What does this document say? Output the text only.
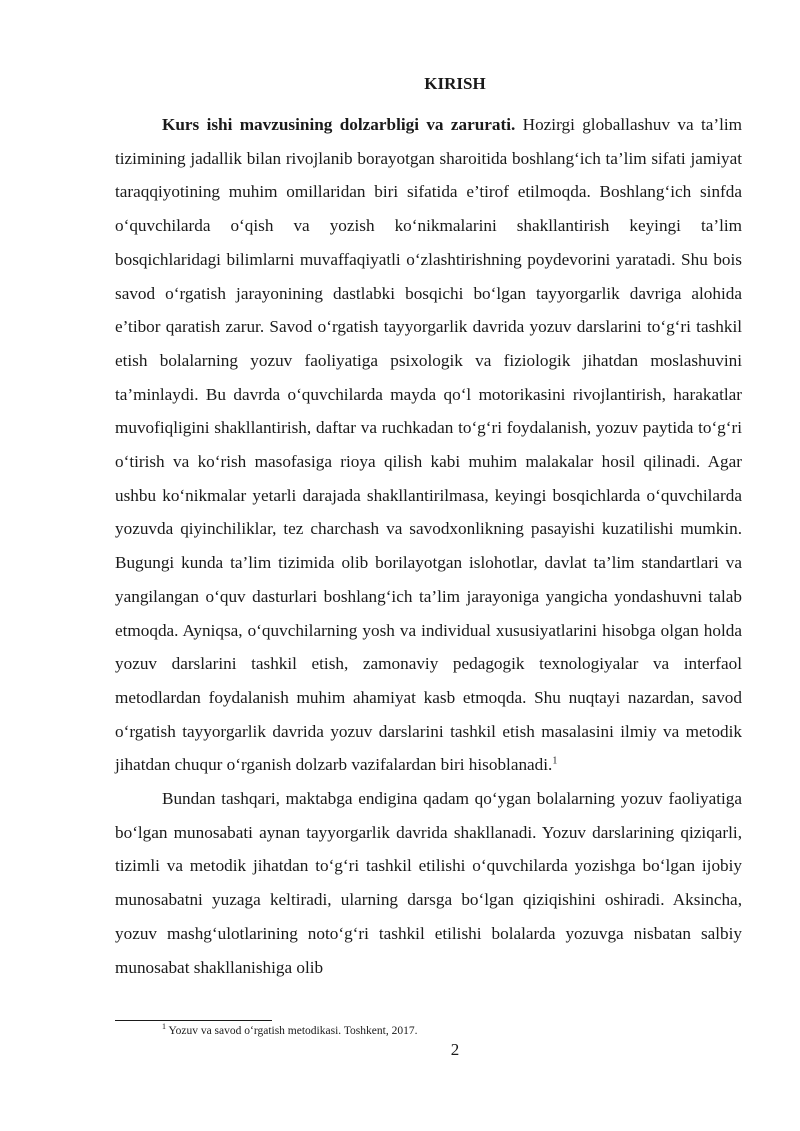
KIRISH

Kurs ishi mavzusining dolzarbligi va zarurati. Hozirgi globallashuv va ta’lim tizimining jadallik bilan rivojlanib borayotgan sharoitida boshlang‘ich ta’lim sifati jamiyat taraqqiyotining muhim omillaridan biri sifatida e’tirof etilmoqda. Boshlang‘ich sinfda o‘quvchilarda o‘qish va yozish ko‘nikmalarini shakllantirish keyingi ta’lim bosqichlaridagi bilimlarni muvaffaqiyatli o‘zlashtirishning poydevorini yaratadi. Shu bois savod o‘rgatish jarayonining dastlabki bosqichi bo‘lgan tayyorgarlik davriga alohida e’tibor qaratish zarur. Savod o‘rgatish tayyorgarlik davrida yozuv darslarini to‘g‘ri tashkil etish bolalarning yozuv faoliyatiga psixologik va fiziologik jihatdan moslashuvini ta’minlaydi. Bu davrda o‘quvchilarda mayda qo‘l motorikasini rivojlantirish, harakatlar muvofiqligini shakllantirish, daftar va ruchkadan to‘g‘ri foydalanish, yozuv paytida to‘g‘ri o‘tirish va ko‘rish masofasiga rioya qilish kabi muhim malakalar hosil qilinadi. Agar ushbu ko‘nikmalar yetarli darajada shakllantirilmasa, keyingi bosqichlarda o‘quvchilarda yozuvda qiyinchiliklar, tez charchash va savodxonlikning pasayishi kuzatilishi mumkin. Bugungi kunda ta’lim tizimida olib borilayotgan islohotlar, davlat ta’lim standartlari va yangilangan o‘quv dasturlari boshlang‘ich ta’lim jarayoniga yangicha yondashuvni talab etmoqda. Ayniqsa, o‘quvchilarning yosh va individual xususiyatlarini hisobga olgan holda yozuv darslarini tashkil etish, zamonaviy pedagogik texnologiyalar va interfaol metodlardan foydalanish muhim ahamiyat kasb etmoqda. Shu nuqtayi nazardan, savod o‘rgatish tayyorgarlik davrida yozuv darslarini tashkil etish masalasini ilmiy va metodik jihatdan chuqur o‘rganish dolzarb vazifalardan biri hisoblanadi.$^1$

Bundan tashqari, maktabga endigina qadam qo‘ygan bolalarning yozuv faoliyatiga bo‘lgan munosabati aynan tayyorgarlik davrida shakllanadi. Yozuv darslarining qiziqarli, tizimli va metodik jihatdan to‘g‘ri tashkil etilishi o‘quvchilarda yozishga bo‘lgan ijobiy munosabatni yuzaga keltiradi, ularning darsga bo‘lgan qiziqishini oshiradi. Aksincha, yozuv mashg‘ulotlarining noto‘g‘ri tashkil etilishi bolalarda yozuvga nisbatan salbiy munosabat shakllanishiga olib

$^1$ Yozuv va savod o‘rgatish metodikasi. Toshkent, 2017.
2
